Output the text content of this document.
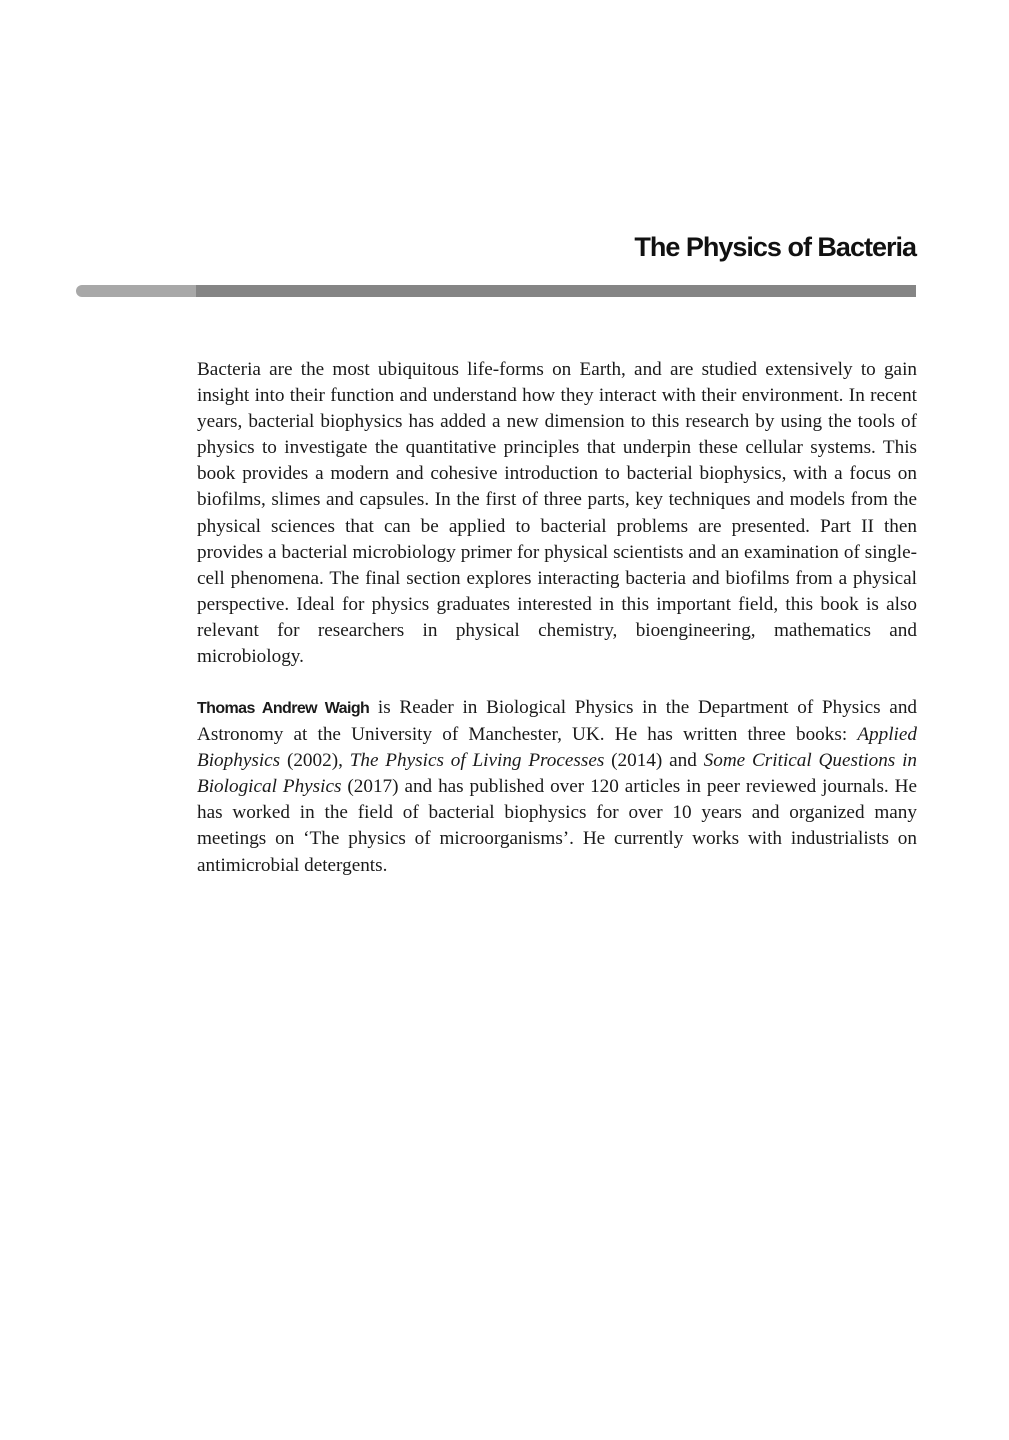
The Physics of Bacteria

Bacteria are the most ubiquitous life-forms on Earth, and are studied extensively to gain insight into their function and understand how they interact with their environment. In recent years, bacterial biophysics has added a new dimension to this research by using the tools of physics to investigate the quantitative principles that underpin these cellular systems. This book provides a modern and cohesive introduction to bacterial biophysics, with a focus on biofilms, slimes and capsules. In the first of three parts, key techniques and models from the physical sciences that can be applied to bacterial problems are presented. Part II then provides a bacterial microbiology primer for physical scientists and an examination of single-cell phenomena. The final section explores interacting bacteria and biofilms from a physical perspective. Ideal for physics graduates interested in this important field, this book is also relevant for researchers in physical chemistry, bioengineering, mathematics and microbiology.

Thomas Andrew Waigh is Reader in Biological Physics in the Department of Physics and Astronomy at the University of Manchester, UK. He has written three books: Applied Biophysics (2002), The Physics of Living Processes (2014) and Some Critical Questions in Biological Physics (2017) and has published over 120 articles in peer reviewed journals. He has worked in the field of bacterial biophysics for over 10 years and organized many meetings on ‘The physics of microorganisms’. He currently works with industrialists on antimicrobial detergents.
